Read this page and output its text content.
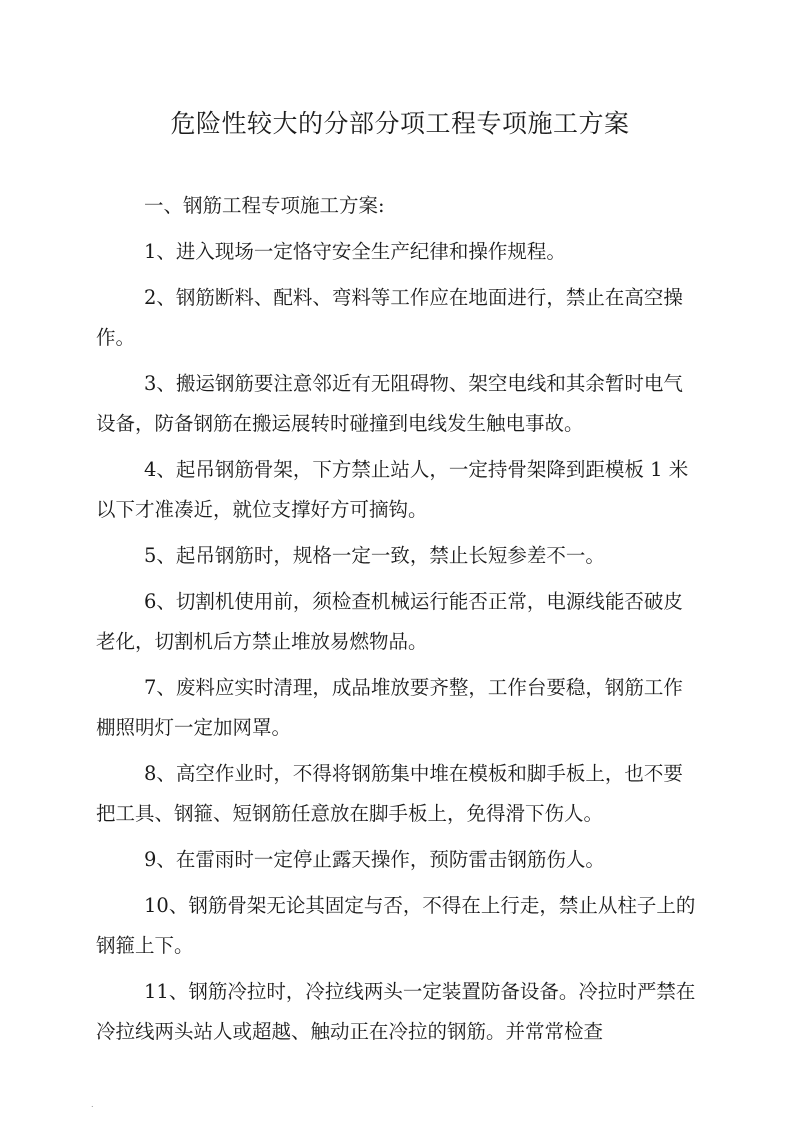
危险性较大的分部分项工程专项施工方案

一、钢筋工程专项施工方案:

1、进入现场一定恪守安全生产纪律和操作规程。

2、钢筋断料、配料、弯料等工作应在地面进行，禁止在高空操作。

3、搬运钢筋要注意邻近有无阻碍物、架空电线和其余暂时电气设备，防备钢筋在搬运展转时碰撞到电线发生触电事故。

4、起吊钢筋骨架，下方禁止站人，一定持骨架降到距模板 1 米以下才准凑近，就位支撑好方可摘钩。

5、起吊钢筋时，规格一定一致，禁止长短参差不一。

6、切割机使用前，须检查机械运行能否正常，电源线能否破皮老化，切割机后方禁止堆放易燃物品。

7、废料应实时清理，成品堆放要齐整，工作台要稳，钢筋工作棚照明灯一定加网罩。

8、高空作业时，不得将钢筋集中堆在模板和脚手板上，也不要把工具、钢箍、短钢筋任意放在脚手板上，免得滑下伤人。

9、在雷雨时一定停止露天操作，预防雷击钢筋伤人。

10、钢筋骨架无论其固定与否，不得在上行走，禁止从柱子上的钢箍上下。

11、钢筋冷拉时，冷拉线两头一定装置防备设备。冷拉时严禁在冷拉线两头站人或超越、触动正在冷拉的钢筋。并常常检查

.
